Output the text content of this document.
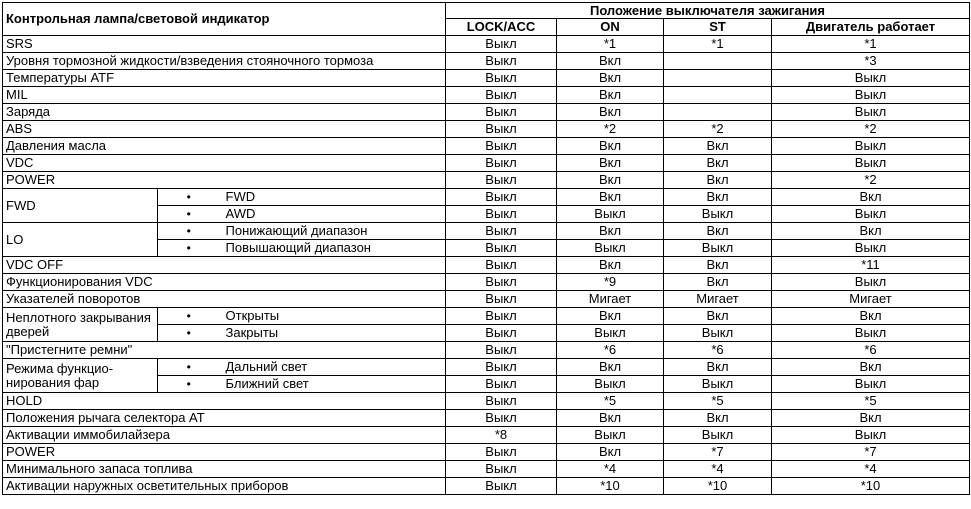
Контрольная лампа/световой индикатор			Положение выключателя зажигания			
			LOCK/ACC	ON	ST	Двигатель работает
SRS			Выкл	*1	*1	*1
Уровня тормозной жидкости/взведения стояночного тормоза			Выкл	Вкл		*3
Температуры ATF			Выкл	Вкл		Выкл
MIL			Выкл	Вкл		Выкл
Заряда			Выкл	Вкл		Выкл
ABS			Выкл	*2	*2	*2
Давления масла			Выкл	Вкл	Вкл	Выкл
VDC			Выкл	Вкл	Вкл	Выкл
POWER			Выкл	Вкл	Вкл	*2
FWD	•	FWD	Выкл	Вкл	Вкл	Вкл
	•	AWD	Выкл	Выкл	Выкл	Выкл
LO	•	Понижающий диапазон	Выкл	Вкл	Вкл	Вкл
	•	Повышающий диапазон	Выкл	Выкл	Выкл	Выкл
VDC OFF			Выкл	Вкл	Вкл	*11
Функционирования VDC			Выкл	*9	Вкл	Выкл
Указателей поворотов			Выкл	Мигает	Мигает	Мигает
Неплотного закрывания дверей	•	Открыты	Выкл	Вкл	Вкл	Вкл
	•	Закрыты	Выкл	Выкл	Выкл	Выкл
"Пристегните ремни"			Выкл	*6	*6	*6
Режима функцио-нирования фар	•	Дальний свет	Выкл	Вкл	Вкл	Вкл
	•	Ближний свет	Выкл	Выкл	Выкл	Выкл
HOLD			Выкл	*5	*5	*5
Положения рычага селектора AT			Выкл	Вкл	Вкл	Вкл
Активации иммобилайзера			*8	Выкл	Выкл	Выкл
POWER			Выкл	Вкл	*7	*7
Минимального запаса топлива			Выкл	*4	*4	*4
Активации наружных осветительных приборов			Выкл	*10	*10	*10
